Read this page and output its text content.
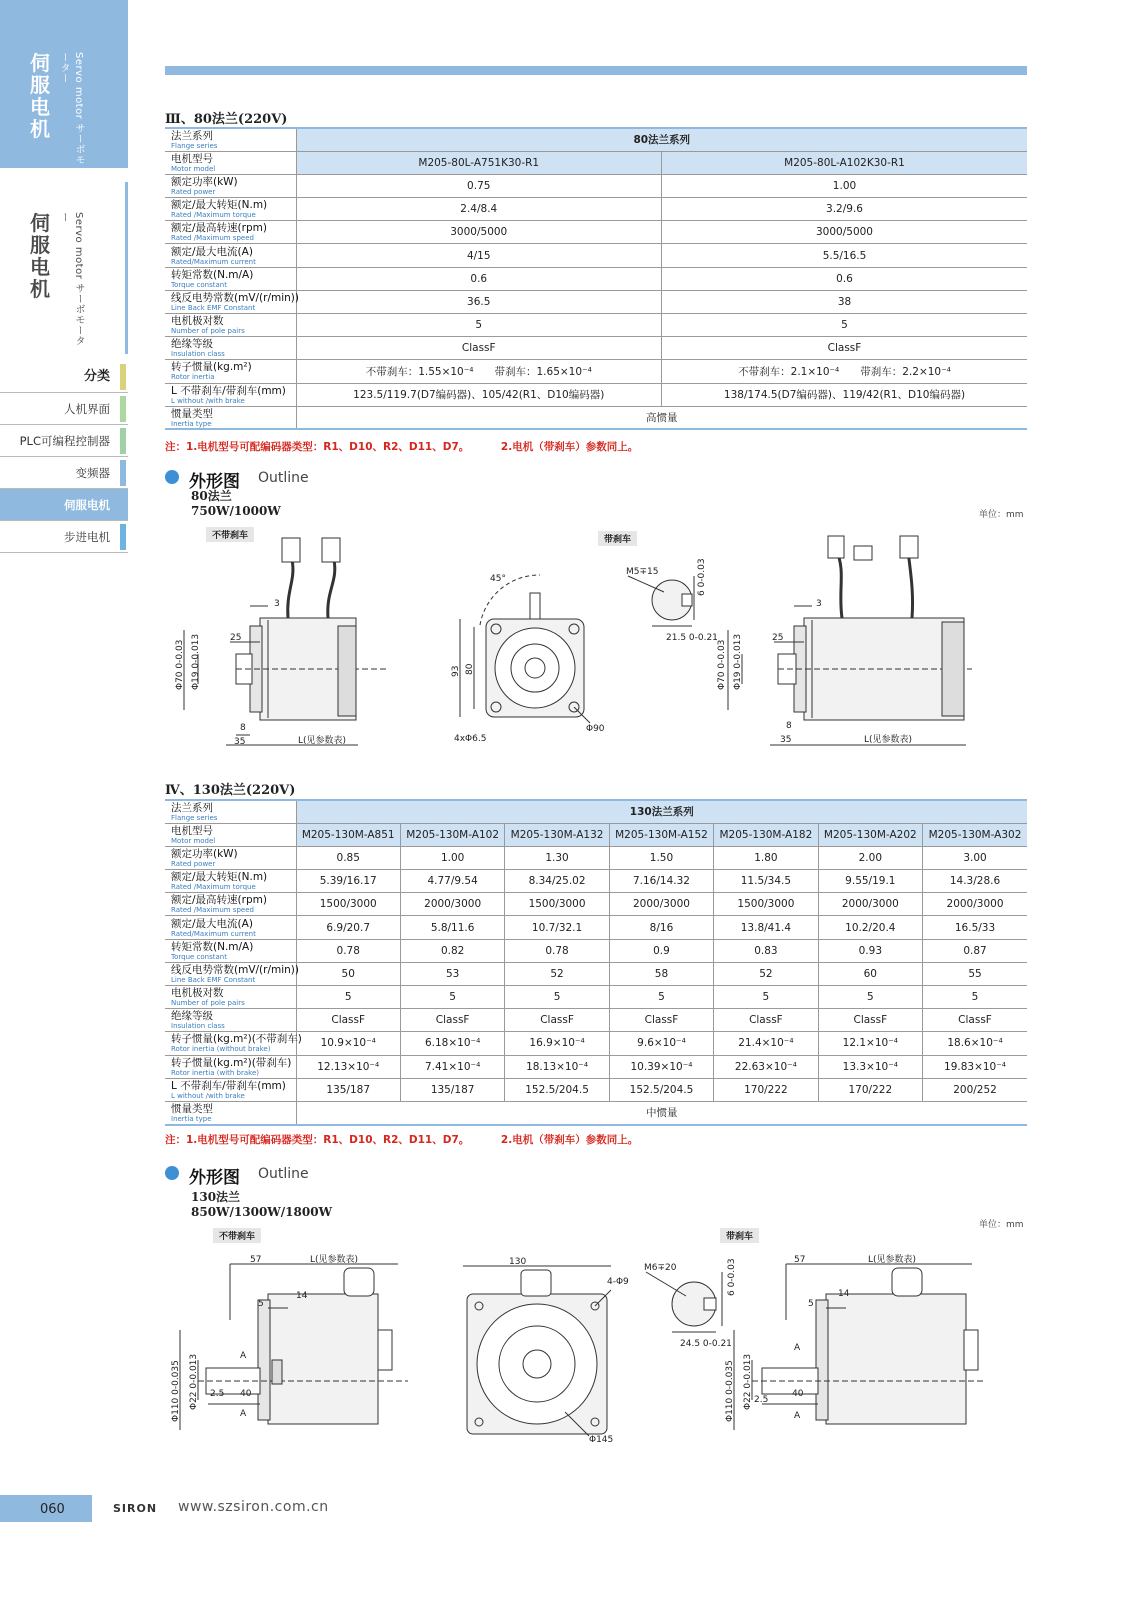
伺服电机	Servo motor サーボモーター
伺服电机	Servo motor サーボモーター
分类
人机界面
PLC可编程控制器
变频器
伺服电机
步进电机
Ⅲ、80法兰(220V)
法兰系列
Flange series	80法兰系列	

电机型号
Motor model	M205-80L-A751K30-R1	M205-80L-A102K30-R1

额定功率(kW)
Rated power	0.75	1.00

额定/最大转矩(N.m)
Rated /Maximum torque	2.4/8.4	3.2/9.6

额定/最高转速(rpm)
Rated /Maximum speed	3000/5000	3000/5000

额定/最大电流(A)
Rated/Maximum current	4/15	5.5/16.5

转矩常数(N.m/A)
Torque constant	0.6	0.6

线反电势常数(mV/(r/min))
Line Back EMF Constant	36.5	38

电机极对数
Number of pole pairs	5	5

绝缘等级
Insulation class	ClassF	ClassF

转子惯量(kg.m²)
Rotor inertia	不带刹车：1.55×10⁻⁴　　带刹车：1.65×10⁻⁴	不带刹车：2.1×10⁻⁴　　带刹车：2.2×10⁻⁴

L 不带刹车/带刹车(mm)
L without /with brake	123.5/119.7(D7编码器)、105/42(R1、D10编码器)	138/174.5(D7编码器)、119/42(R1、D10编码器)

惯量类型
Inertia type	高惯量	
注：1.电机型号可配编码器类型：R1、D10、R2、D11、D7。	2.电机（带刹车）参数同上。
外形图 Outline
80法兰
750W/1000W	单位：mm
不带刹车	带刹车
3
25
8
35	L(见参数表)
Φ70 0-0.03 Φ19 0-0.013
45°
93 80
4xΦ6.5
Φ90
M5∓15	6 0-0.03
21.5 0-0.21
3
25
8
35	L(见参数表)
Φ70 0-0.03 Φ19 0-0.013
Ⅳ、130法兰(220V)
法兰系列
Flange series	130法兰系列						

电机型号
Motor model	M205-130M-A851	M205-130M-A102	M205-130M-A132	M205-130M-A152	M205-130M-A182	M205-130M-A202	M205-130M-A302

额定功率(kW)
Rated power	0.85	1.00	1.30	1.50	1.80	2.00	3.00

额定/最大转矩(N.m)
Rated /Maximum torque	5.39/16.17	4.77/9.54	8.34/25.02	7.16/14.32	11.5/34.5	9.55/19.1	14.3/28.6

额定/最高转速(rpm)
Rated /Maximum speed	1500/3000	2000/3000	1500/3000	2000/3000	1500/3000	2000/3000	2000/3000

额定/最大电流(A)
Rated/Maximum current	6.9/20.7	5.8/11.6	10.7/32.1	8/16	13.8/41.4	10.2/20.4	16.5/33

转矩常数(N.m/A)
Torque constant	0.78	0.82	0.78	0.9	0.83	0.93	0.87

线反电势常数(mV/(r/min))
Line Back EMF Constant	50	53	52	58	52	60	55

电机极对数
Number of pole pairs	5	5	5	5	5	5	5

绝缘等级
Insulation class	ClassF	ClassF	ClassF	ClassF	ClassF	ClassF	ClassF

转子惯量(kg.m²)(不带刹车)
Rotor inertia (without brake)	10.9×10⁻⁴	6.18×10⁻⁴	16.9×10⁻⁴	9.6×10⁻⁴	21.4×10⁻⁴	12.1×10⁻⁴	18.6×10⁻⁴

转子惯量(kg.m²)(带刹车)
Rotor inertia (with brake)	12.13×10⁻⁴	7.41×10⁻⁴	18.13×10⁻⁴	10.39×10⁻⁴	22.63×10⁻⁴	13.3×10⁻⁴	19.83×10⁻⁴

L 不带刹车/带刹车(mm)
L without /with brake	135/187	135/187	152.5/204.5	152.5/204.5	170/222	170/222	200/252

惯量类型
Inertia type	中惯量						
注：1.电机型号可配编码器类型：R1、D10、R2、D11、D7。	2.电机（带刹车）参数同上。
外形图 Outline
130法兰
850W/1300W/1800W
单位：mm
不带刹车	带刹车
57	L(见参数表)
5
14
2.5 40
A
A
Φ110 0-0.035 Φ22 0-0.013
130
4-Φ9
Φ145
M6∓20	6 0-0.03
24.5 0-0.21
57	L(见参数表)
5
14
2.5
40
A
A
Φ110 0-0.035 Φ22 0-0.013
060	SIRON www.szsiron.com.cn
